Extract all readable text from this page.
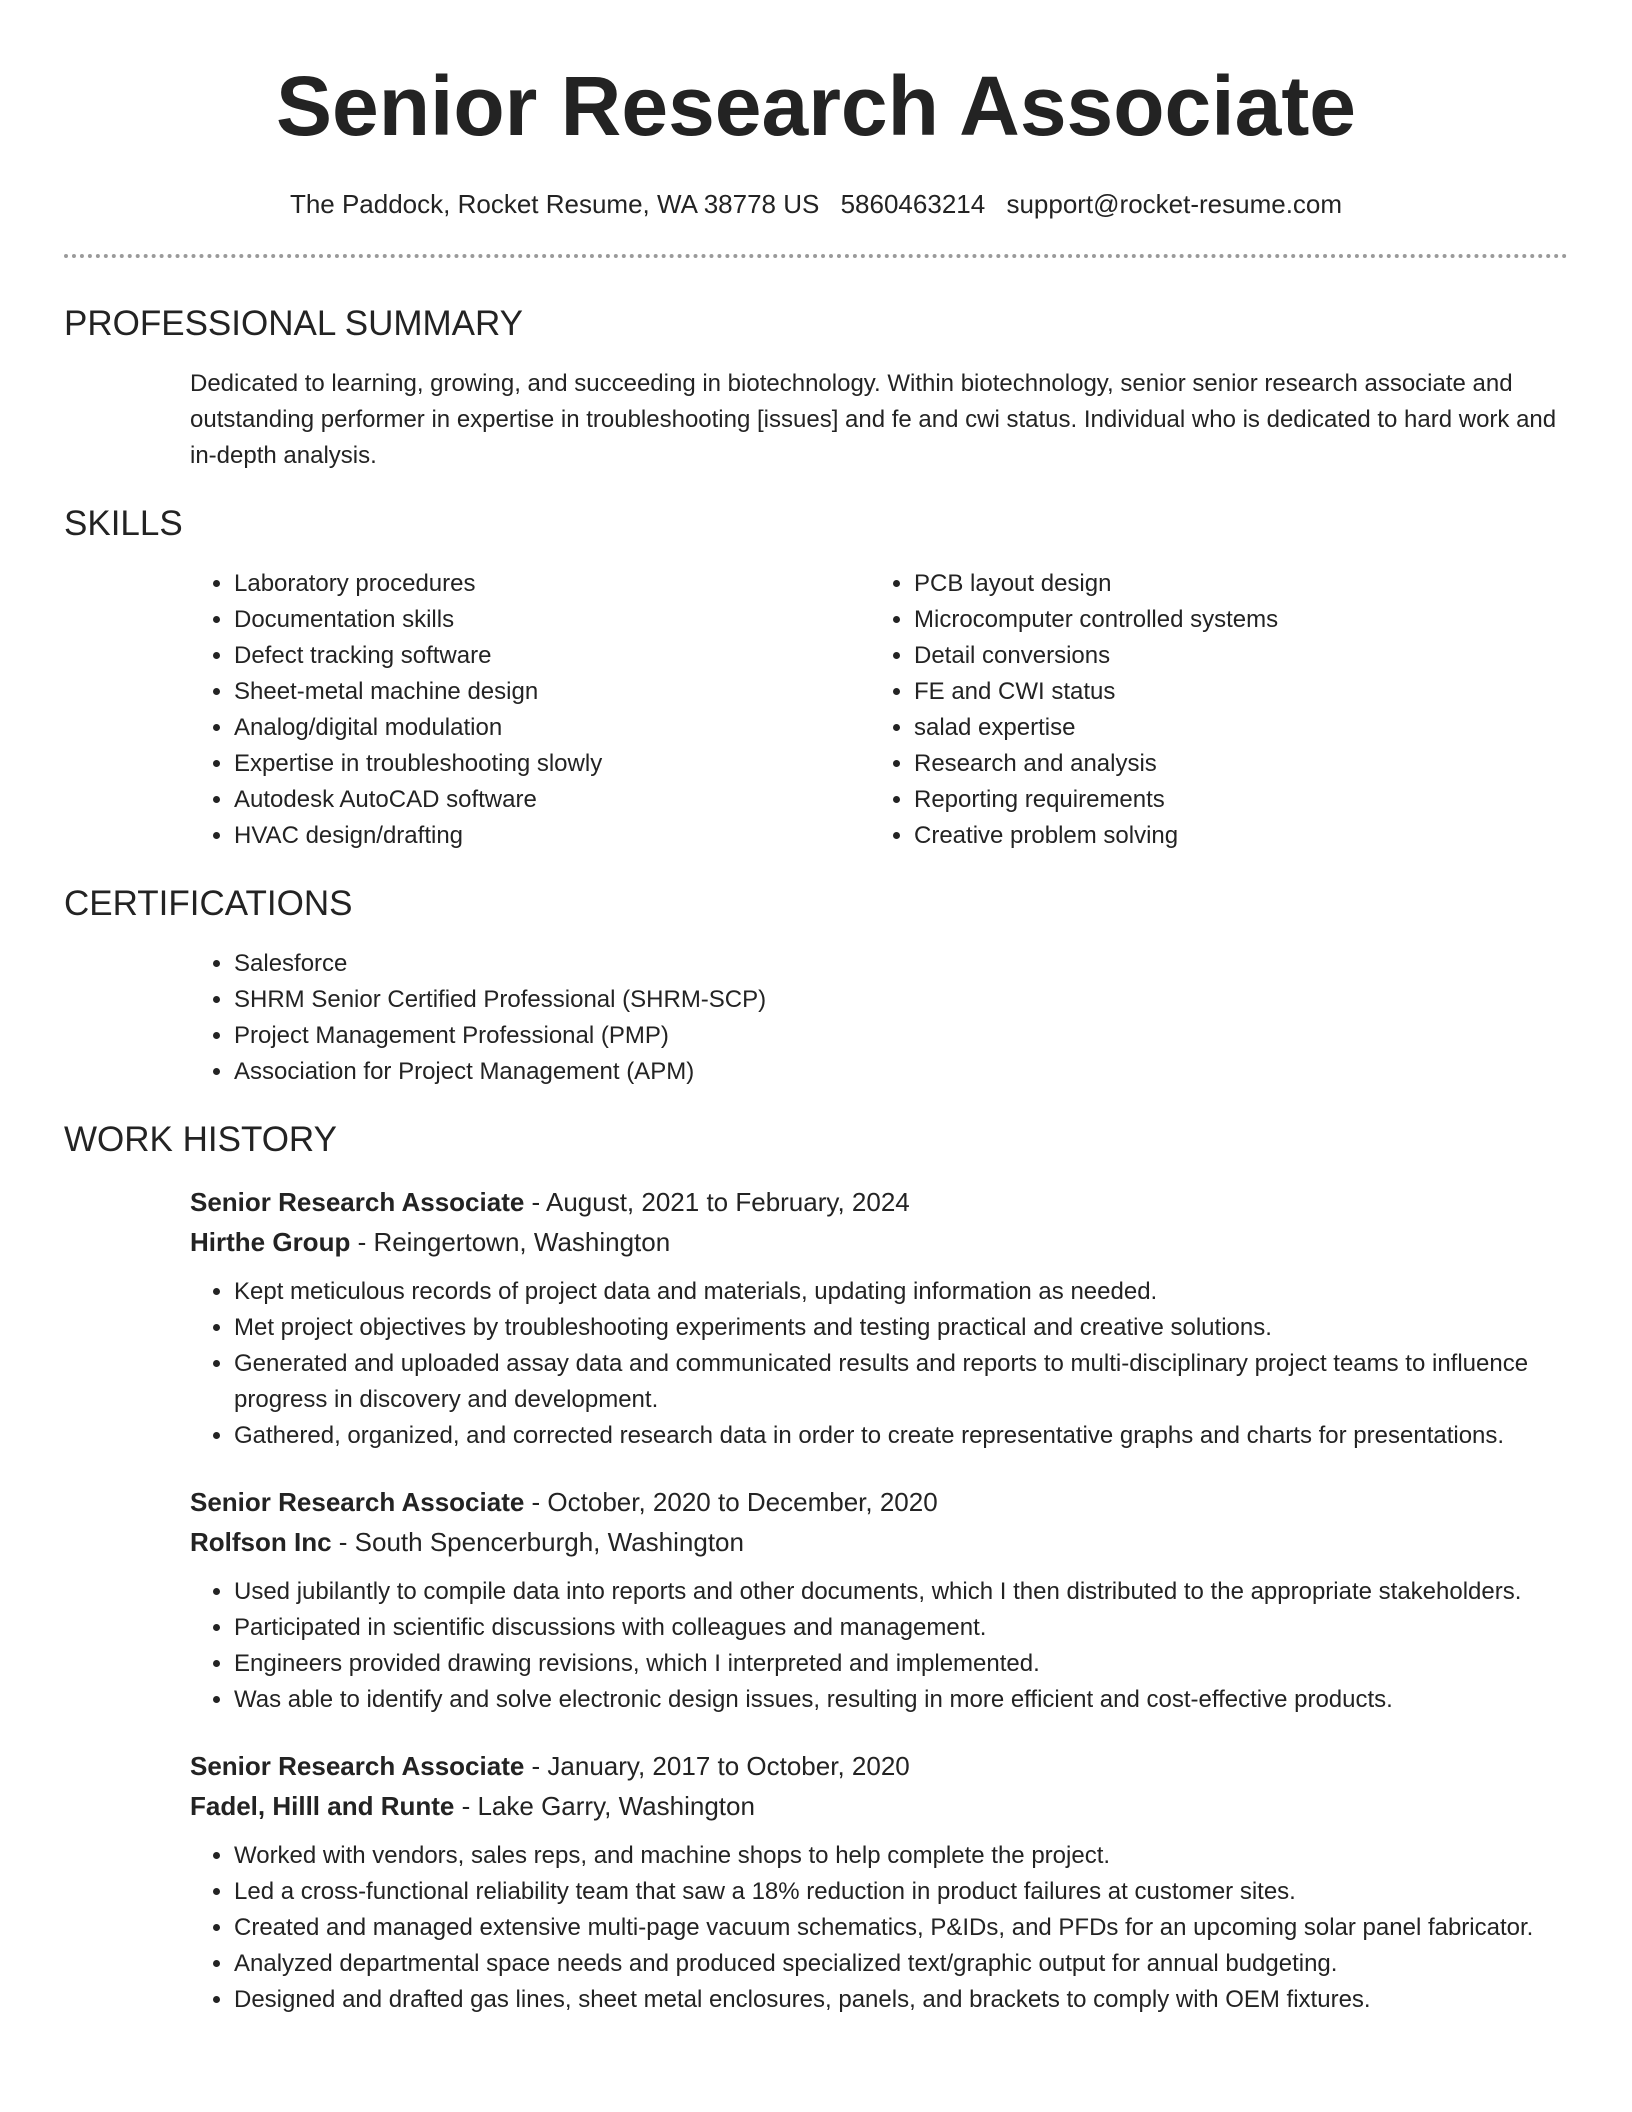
Senior Research Associate
The Paddock, Rocket Resume, WA 38778 US 5860463214 support@rocket-resume.com
PROFESSIONAL SUMMARY

Dedicated to learning, growing, and succeeding in biotechnology. Within biotechnology, senior senior research associate and outstanding performer in expertise in troubleshooting [issues] and fe and cwi status. Individual who is dedicated to hard work and in-depth analysis.

SKILLS
• Laboratory procedures
• Documentation skills
• Defect tracking software
• Sheet-metal machine design
• Analog/digital modulation
• Expertise in troubleshooting slowly
• Autodesk AutoCAD software
• HVAC design/drafting
• PCB layout design
• Microcomputer controlled systems
• Detail conversions
• FE and CWI status
• salad expertise
• Research and analysis
• Reporting requirements
• Creative problem solving
CERTIFICATIONS
• Salesforce
• SHRM Senior Certified Professional (SHRM-SCP)
• Project Management Professional (PMP)
• Association for Project Management (APM)
WORK HISTORY
Senior Research Associate - August, 2021 to February, 2024
Hirthe Group - Reingertown, Washington
• Kept meticulous records of project data and materials, updating information as needed.
• Met project objectives by troubleshooting experiments and testing practical and creative solutions.
• Generated and uploaded assay data and communicated results and reports to multi-disciplinary project teams to influence progress in discovery and development.
• Gathered, organized, and corrected research data in order to create representative graphs and charts for presentations.
Senior Research Associate - October, 2020 to December, 2020
Rolfson Inc - South Spencerburgh, Washington
• Used jubilantly to compile data into reports and other documents, which I then distributed to the appropriate stakeholders.
• Participated in scientific discussions with colleagues and management.
• Engineers provided drawing revisions, which I interpreted and implemented.
• Was able to identify and solve electronic design issues, resulting in more efficient and cost-effective products.
Senior Research Associate - January, 2017 to October, 2020
Fadel, Hilll and Runte - Lake Garry, Washington
• Worked with vendors, sales reps, and machine shops to help complete the project.
• Led a cross-functional reliability team that saw a 18% reduction in product failures at customer sites.
• Created and managed extensive multi-page vacuum schematics, P&IDs, and PFDs for an upcoming solar panel fabricator.
• Analyzed departmental space needs and produced specialized text/graphic output for annual budgeting.
• Designed and drafted gas lines, sheet metal enclosures, panels, and brackets to comply with OEM fixtures.
